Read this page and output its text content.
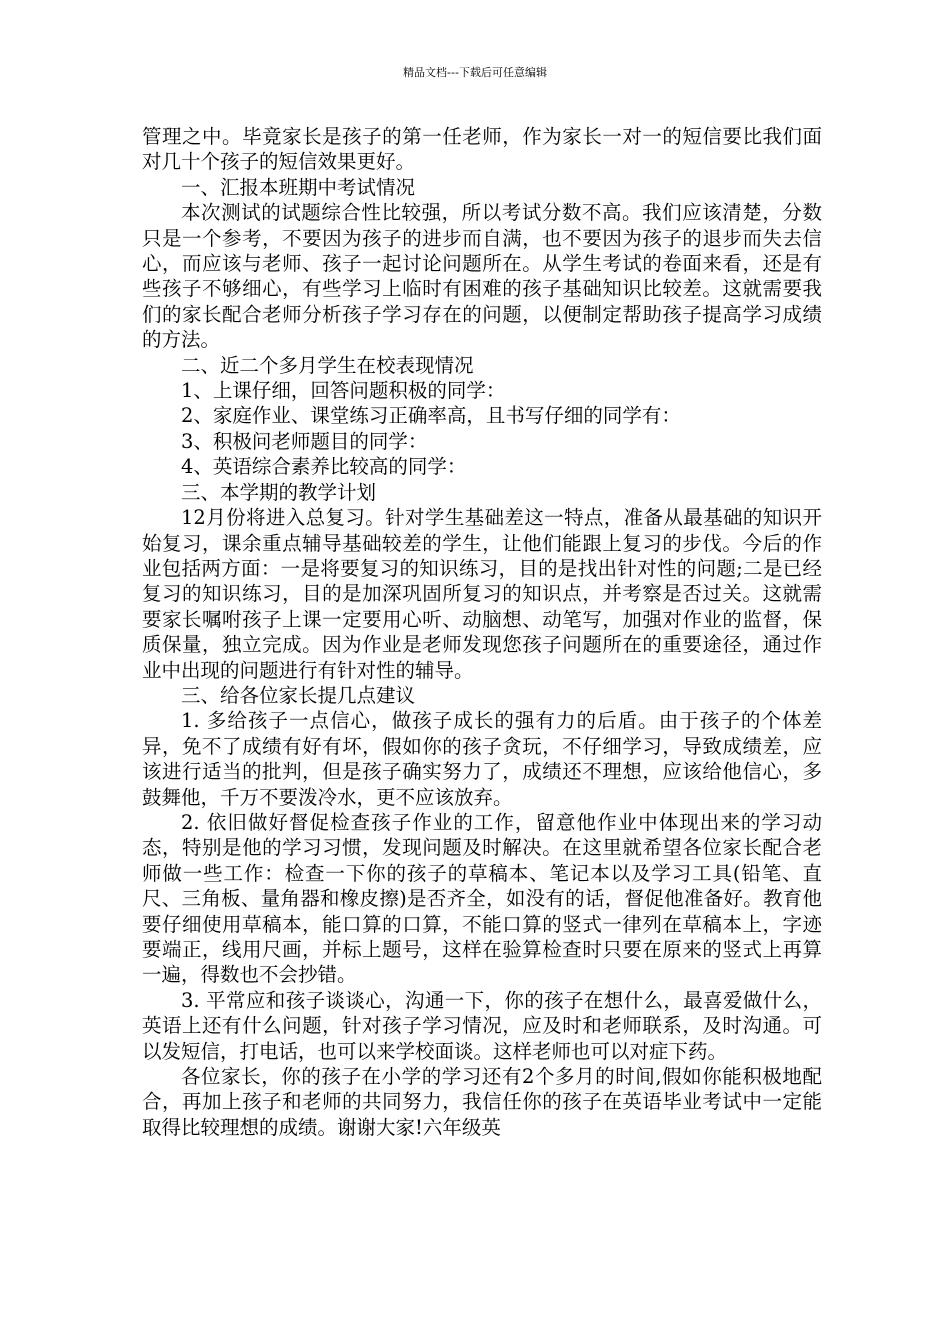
精品文档---下载后可任意编辑

管理之中。毕竟家长是孩子的第一任老师，作为家长一对一的短信要比我们面对几十个孩子的短信效果更好。

一、汇报本班期中考试情况

本次测试的试题综合性比较强，所以考试分数不高。我们应该清楚，分数只是一个参考，不要因为孩子的进步而自满，也不要因为孩子的退步而失去信心，而应该与老师、孩子一起讨论问题所在。从学生考试的卷面来看，还是有些孩子不够细心，有些学习上临时有困难的孩子基础知识比较差。这就需要我们的家长配合老师分析孩子学习存在的问题，以便制定帮助孩子提高学习成绩的方法。

二、近二个多月学生在校表现情况

1、上课仔细，回答问题积极的同学：

2、家庭作业、课堂练习正确率高，且书写仔细的同学有：

3、积极问老师题目的同学：

4、英语综合素养比较高的同学：

三、本学期的教学计划

12月份将进入总复习。针对学生基础差这一特点，准备从最基础的知识开始复习，课余重点辅导基础较差的学生，让他们能跟上复习的步伐。今后的作业包括两方面：一是将要复习的知识练习，目的是找出针对性的问题;二是已经复习的知识练习，目的是加深巩固所复习的知识点，并考察是否过关。这就需要家长嘱咐孩子上课一定要用心听、动脑想、动笔写，加强对作业的监督，保质保量，独立完成。因为作业是老师发现您孩子问题所在的重要途径，通过作业中出现的问题进行有针对性的辅导。

三、给各位家长提几点建议

1. 多给孩子一点信心，做孩子成长的强有力的后盾。由于孩子的个体差异，免不了成绩有好有坏，假如你的孩子贪玩，不仔细学习，导致成绩差，应该进行适当的批判，但是孩子确实努力了，成绩还不理想，应该给他信心，多鼓舞他，千万不要泼冷水，更不应该放弃。

2. 依旧做好督促检查孩子作业的工作，留意他作业中体现出来的学习动态，特别是他的学习习惯，发现问题及时解决。在这里就希望各位家长配合老师做一些工作：检查一下你的孩子的草稿本、笔记本以及学习工具(铅笔、直尺、三角板、量角器和橡皮擦)是否齐全，如没有的话，督促他准备好。教育他要仔细使用草稿本，能口算的口算，不能口算的竖式一律列在草稿本上，字迹要端正，线用尺画，并标上题号，这样在验算检查时只要在原来的竖式上再算一遍，得数也不会抄错。

3. 平常应和孩子谈谈心，沟通一下，你的孩子在想什么，最喜爱做什么，英语上还有什么问题，针对孩子学习情况，应及时和老师联系，及时沟通。可以发短信，打电话，也可以来学校面谈。这样老师也可以对症下药。

各位家长，你的孩子在小学的学习还有2个多月的时间,假如你能积极地配合，再加上孩子和老师的共同努力，我信任你的孩子在英语毕业考试中一定能取得比较理想的成绩。谢谢大家!六年级英
